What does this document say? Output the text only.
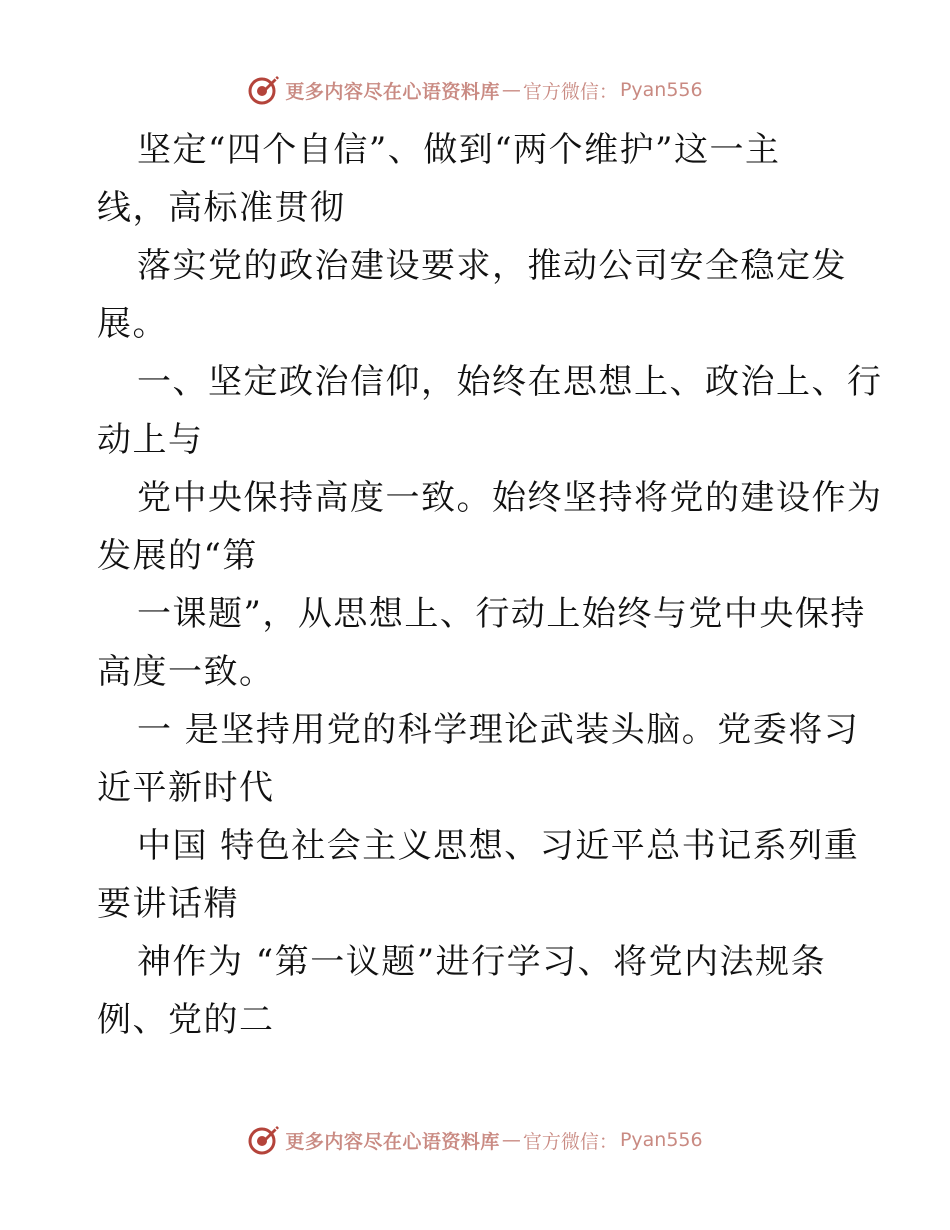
更多内容尽在心语资料库 — 官方微信： Pyan556
坚定“四个自信”、做到“两个维护”这一主
线，高标准贯彻
落实党的政治建设要求，推动公司安全稳定发
展。
一、坚定政治信仰，始终在思想上、政治上、行
动上与
党中央保持高度一致。始终坚持将党的建设作为
发展的“第
一课题”，从思想上、行动上始终与党中央保持
高度一致。
一 是坚持用党的科学理论武装头脑。党委将习
近平新时代
中国 特色社会主义思想、习近平总书记系列重
要讲话精
神作为 “第一议题”进行学习、将党内法规条
例、党的二
更多内容尽在心语资料库 — 官方微信： Pyan556
